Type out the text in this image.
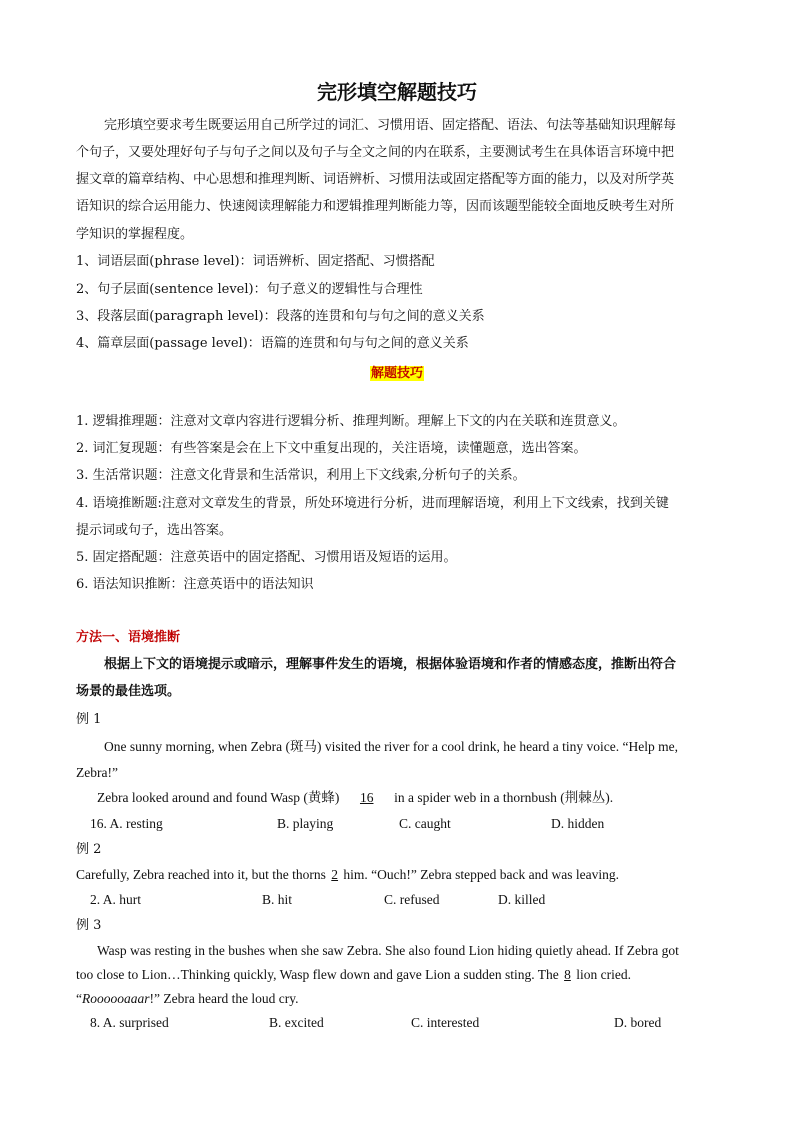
完形填空解题技巧
完形填空要求考生既要运用自己所学过的词汇、习惯用语、固定搭配、语法、句法等基础知识理解每
个句子，又要处理好句子与句子之间以及句子与全文之间的内在联系，主要测试考生在具体语言环境中把
握文章的篇章结构、中心思想和推理判断、词语辨析、习惯用法或固定搭配等方面的能力，以及对所学英
语知识的综合运用能力、快速阅读理解能力和逻辑推理判断能力等，因而该题型能较全面地反映考生对所
学知识的掌握程度。
1、词语层面(phrase level)：词语辨析、固定搭配、习惯搭配
2、句子层面(sentence level)：句子意义的逻辑性与合理性
3、段落层面(paragraph level)：段落的连贯和句与句之间的意义关系
4、篇章层面(passage level)：语篇的连贯和句与句之间的意义关系
解题技巧
1. 逻辑推理题：注意对文章内容进行逻辑分析、推理判断。理解上下文的内在关联和连贯意义。
2. 词汇复现题：有些答案是会在上下文中重复出现的，关注语境，读懂题意，选出答案。
3. 生活常识题：注意文化背景和生活常识，利用上下文线索,分析句子的关系。
4. 语境推断题:注意对文章发生的背景，所处环境进行分析，进而理解语境，利用上下文线索，找到关键
提示词或句子，选出答案。
5. 固定搭配题：注意英语中的固定搭配、习惯用语及短语的运用。
6. 语法知识推断：注意英语中的语法知识
方法一、语境推断
根据上下文的语境提示或暗示，理解事件发生的语境，根据体验语境和作者的情感态度，推断出符合
场景的最佳选项。
例 1
One sunny morning, when Zebra (斑马) visited the river for a cool drink, he heard a tiny voice. “Help me,
Zebra!”
Zebra looked around and found Wasp (黄蜂) 16 in a spider web in a thornbush (荆棘丛).
16. A. resting	B. playing	C. caught	D. hidden
例 2
Carefully, Zebra reached into it, but the thorns 2 him. “Ouch!” Zebra stepped back and was leaving.
2. A. hurt	B. hit	C. refused	D. killed
例 3
Wasp was resting in the bushes when she saw Zebra. She also found Lion hiding quietly ahead. If Zebra got
too close to Lion…Thinking quickly, Wasp flew down and gave Lion a sudden sting. The 8 lion cried.
“Roooooaaar!” Zebra heard the loud cry.
8. A. surprised	B. excited	C. interested	D. bored
